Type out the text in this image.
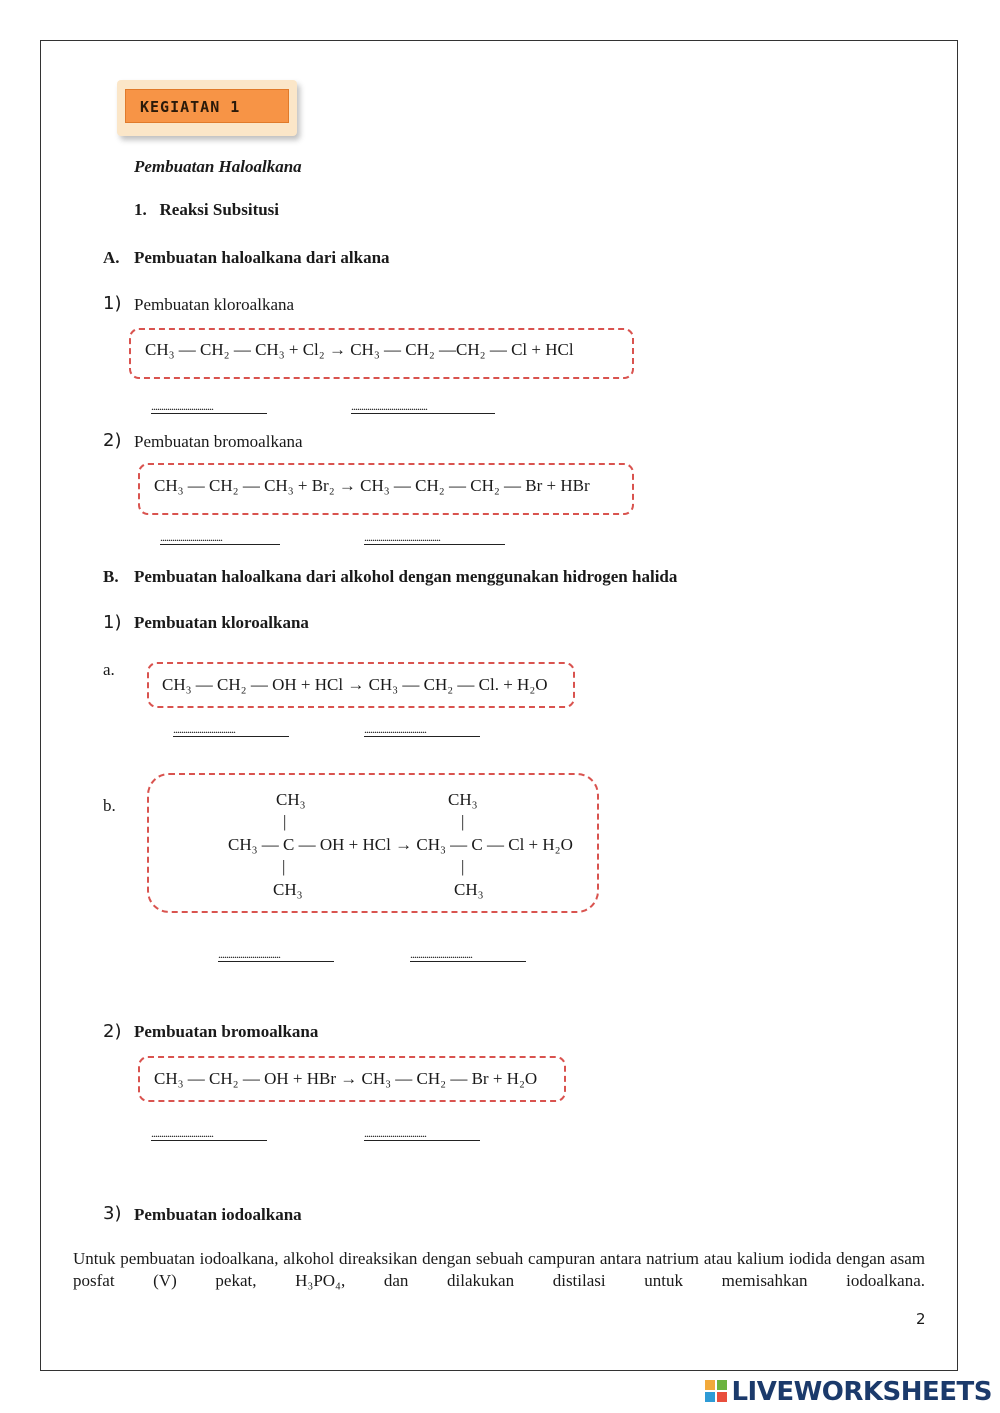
KEGIATAN 1
Pembuatan Haloalkana
1.   Reaksi Subsitusi
A. Pembuatan haloalkana dari alkana
1) Pembuatan kloroalkana
CH₃ — CH₂ — CH₃ + Cl₂ → CH₃ — CH₂ —CH₂ — Cl + HCl
...............................	......................................
2) Pembuatan bromoalkana
CH₃ — CH₂ — CH₃ + Br₂ → CH₃ — CH₂ — CH₂ — Br + HBr
...............................	......................................
B. Pembuatan haloalkana dari alkohol dengan menggunakan hidrogen halida
1) Pembuatan kloroalkana
a.
CH₃ — CH₂ — OH + HCl → CH₃ — CH₂ — Cl. + H₂O
...............................	...............................
b.	CH₃	CH₃
|	|
CH₃ — C — OH + HCl → CH₃ — C — Cl + H₂O
|	|
CH₃	CH₃
...............................	...............................
2) Pembuatan bromoalkana
CH₃ — CH₂ — OH + HBr → CH₃ — CH₂ — Br + H₂O
...............................	...............................
3) Pembuatan iodoalkana
Untuk pembuatan iodoalkana, alkohol direaksikan dengan sebuah campuran antara natrium atau kalium iodida dengan asam posfat (V) pekat, H₃PO₄, dan dilakukan distilasi untuk memisahkan iodoalkana.
2
LIVEWORKSHEETS
